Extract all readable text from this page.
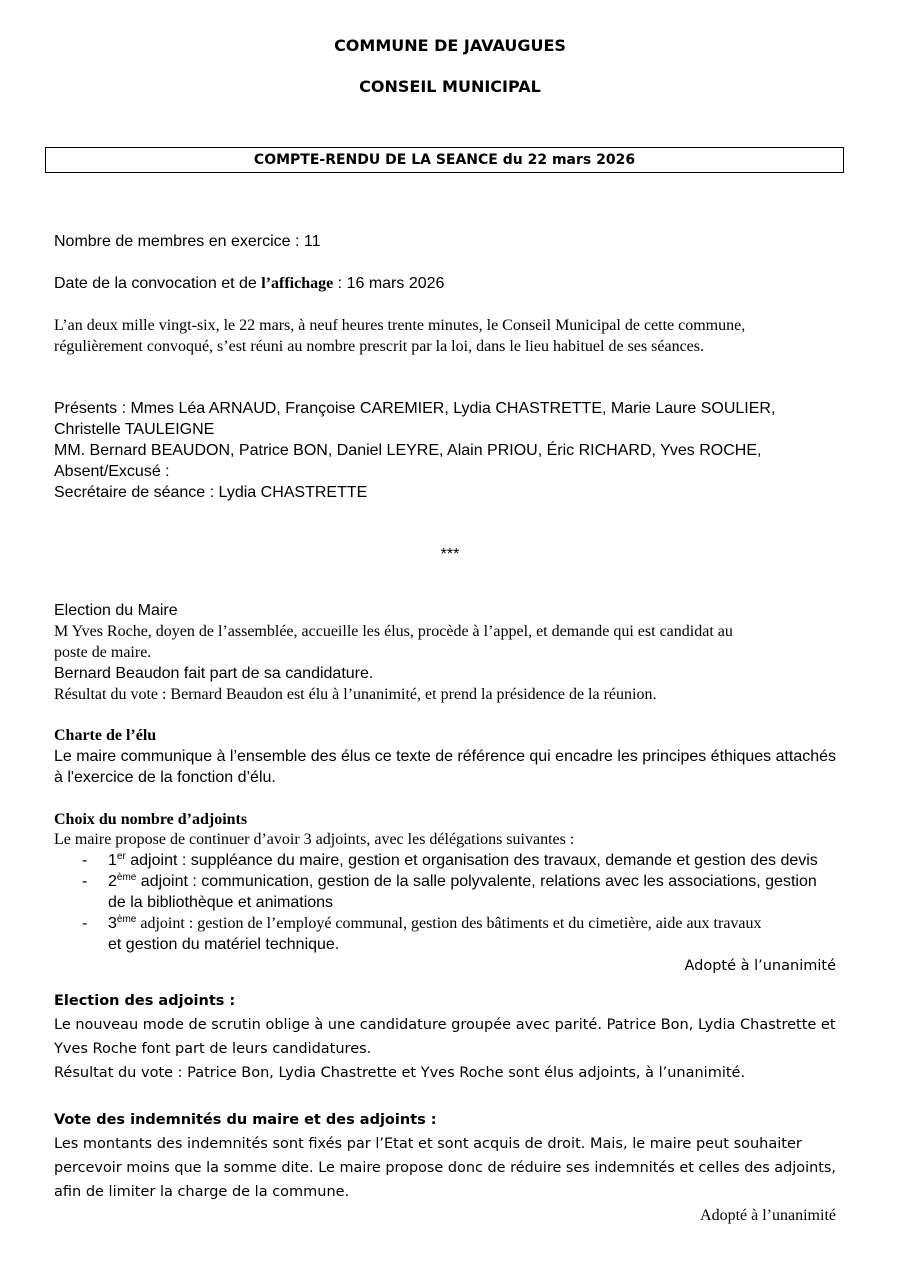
COMMUNE DE JAVAUGUES
CONSEIL MUNICIPAL
COMPTE-RENDU DE LA SEANCE du 22 mars 2026
Nombre de membres en exercice : 11
Date de la convocation et de l’affichage : 16 mars 2026
L’an deux mille vingt-six, le 22 mars, à neuf heures trente minutes, le Conseil Municipal de cette commune,
régulièrement convoqué, s’est réuni au nombre prescrit par la loi, dans le lieu habituel de ses séances.
Présents : Mmes Léa ARNAUD, Françoise CAREMIER, Lydia CHASTRETTE, Marie Laure SOULIER,
Christelle TAULEIGNE
MM. Bernard BEAUDON, Patrice BON, Daniel LEYRE, Alain PRIOU, Éric RICHARD, Yves ROCHE,
Absent/Excusé :
Secrétaire de séance : Lydia CHASTRETTE
***
Election du Maire
M Yves Roche, doyen de l’assemblée, accueille les élus, procède à l’appel, et demande qui est candidat au
poste de maire.
Bernard Beaudon fait part de sa candidature.
Résultat du vote : Bernard Beaudon est élu à l’unanimité, et prend la présidence de la réunion.
Charte de l’élu
Le maire communique à l’ensemble des élus ce texte de référence qui encadre les principes éthiques attachés
à l'exercice de la fonction d’élu.
Choix du nombre d’adjoints
Le maire propose de continuer d’avoir 3 adjoints, avec les délégations suivantes :
- 1er adjoint : suppléance du maire, gestion et organisation des travaux, demande et gestion des devis
- 2ème adjoint : communication, gestion de la salle polyvalente, relations avec les associations, gestion
de la bibliothèque et animations
- 3ème adjoint : gestion de l’employé communal, gestion des bâtiments et du cimetière, aide aux travaux
et gestion du matériel technique.
Adopté à l’unanimité
Election des adjoints :
Le nouveau mode de scrutin oblige à une candidature groupée avec parité. Patrice Bon, Lydia Chastrette et
Yves Roche font part de leurs candidatures.
Résultat du vote : Patrice Bon, Lydia Chastrette et Yves Roche sont élus adjoints, à l’unanimité.
Vote des indemnités du maire et des adjoints :
Les montants des indemnités sont fixés par l’Etat et sont acquis de droit. Mais, le maire peut souhaiter
percevoir moins que la somme dite. Le maire propose donc de réduire ses indemnités et celles des adjoints,
afin de limiter la charge de la commune.
Adopté à l’unanimité
